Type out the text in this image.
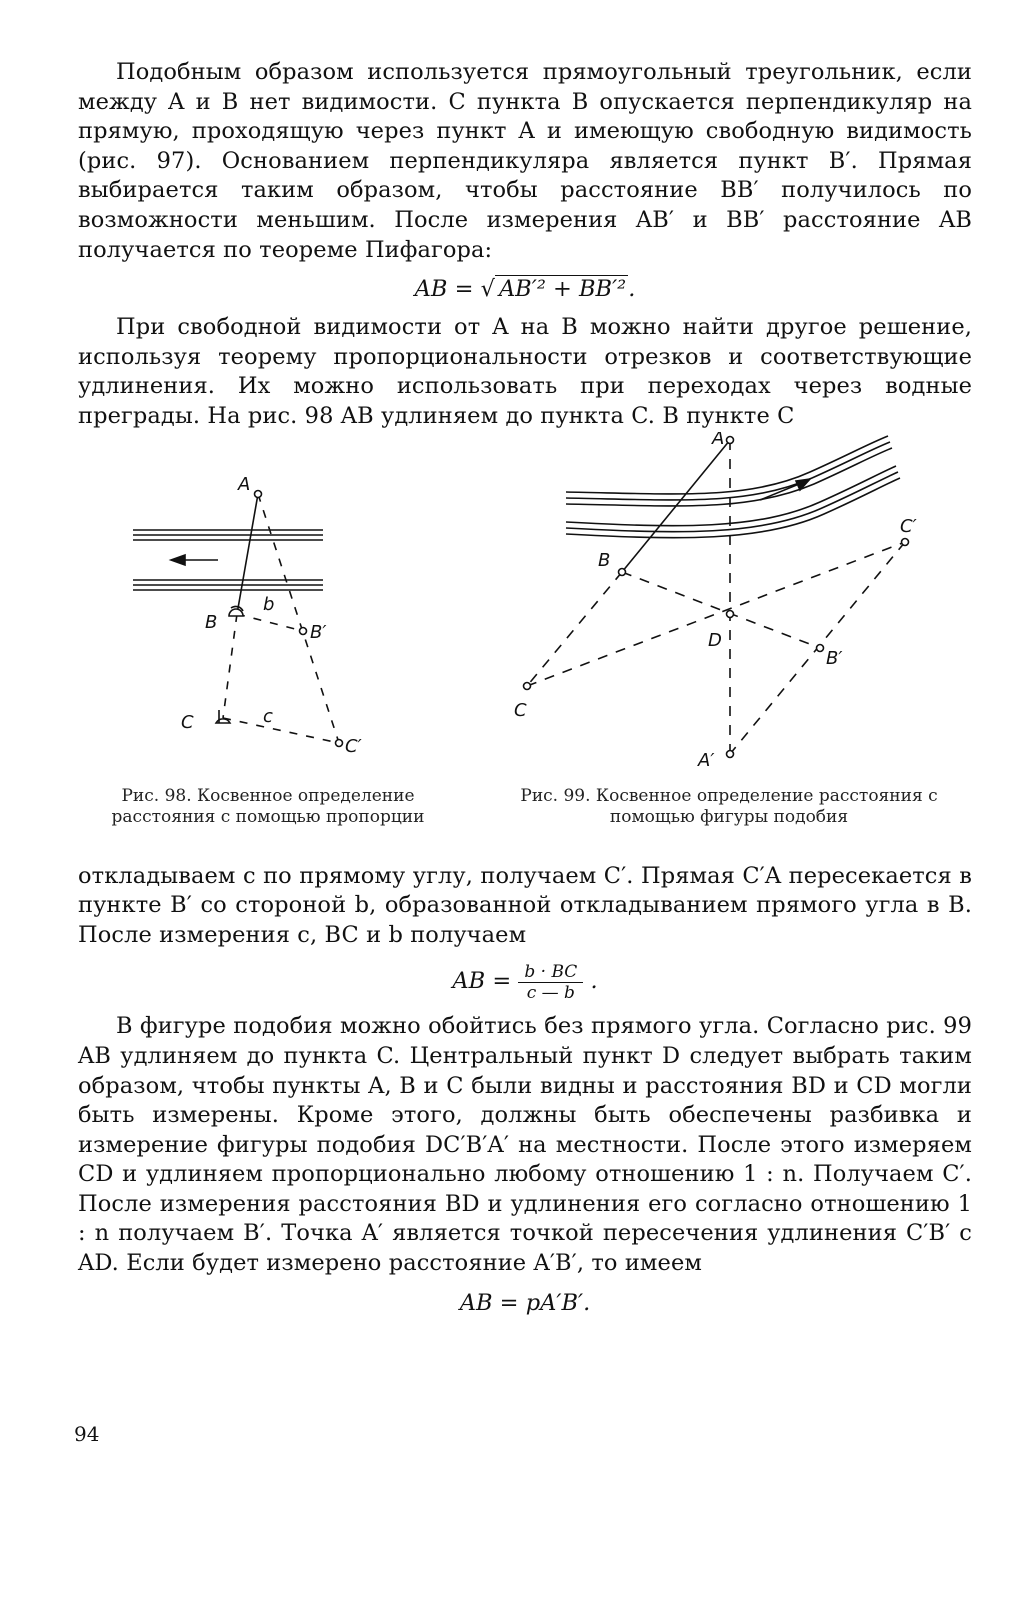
Подобным образом используется прямоугольный треугольник, если между A и B нет видимости. С пункта B опускается перпендикуляр на прямую, проходящую через пункт A и имеющую свободную видимость (рис. 97). Основанием перпендикуляра является пункт B′. Прямая выбирается таким образом, чтобы расстояние BB′ получилось по возможности меньшим. После измерения AB′ и BB′ расстояние AB получается по теореме Пифагора:

AB = √ AB′² + BB′².

При свободной видимости от A на B можно найти другое решение, используя теорему пропорциональности отрезков и соответствующие удлинения. Их можно использовать при переходах через водные преграды. На рис. 98 AB удлиняем до пункта C. В пункте C

A
B
b
B′
C	c
C′
A
B
C′
D
B′
C
A′
Рис. 98. Косвенное определение расстояния с помощью пропорции
Рис. 99. Косвенное определение расстояния с помощью фигуры подобия

откладываем c по прямому углу, получаем C′. Прямая C′A пересекается в пункте B′ со стороной b, образованной откладыванием прямого угла в B. После измерения c, BC и b получаем

AB = $\frac{b \cdot BC}{c — b}$ .

В фигуре подобия можно обойтись без прямого угла. Согласно рис. 99 AB удлиняем до пункта C. Центральный пункт D следует выбрать таким образом, чтобы пункты A, B и C были видны и расстояния BD и CD могли быть измерены. Кроме этого, должны быть обеспечены разбивка и измерение фигуры подобия DC′B′A′ на местности. После этого измеряем CD и удлиняем пропорционально любому отношению 1 : n. Получаем C′. После измерения расстояния BD и удлинения его согласно отношению 1 : n получаем B′. Точка A′ является точкой пересечения удлинения C′B′ с AD. Если будет измерено расстояние A′B′, то имеем

AB = pA′B′.

94
